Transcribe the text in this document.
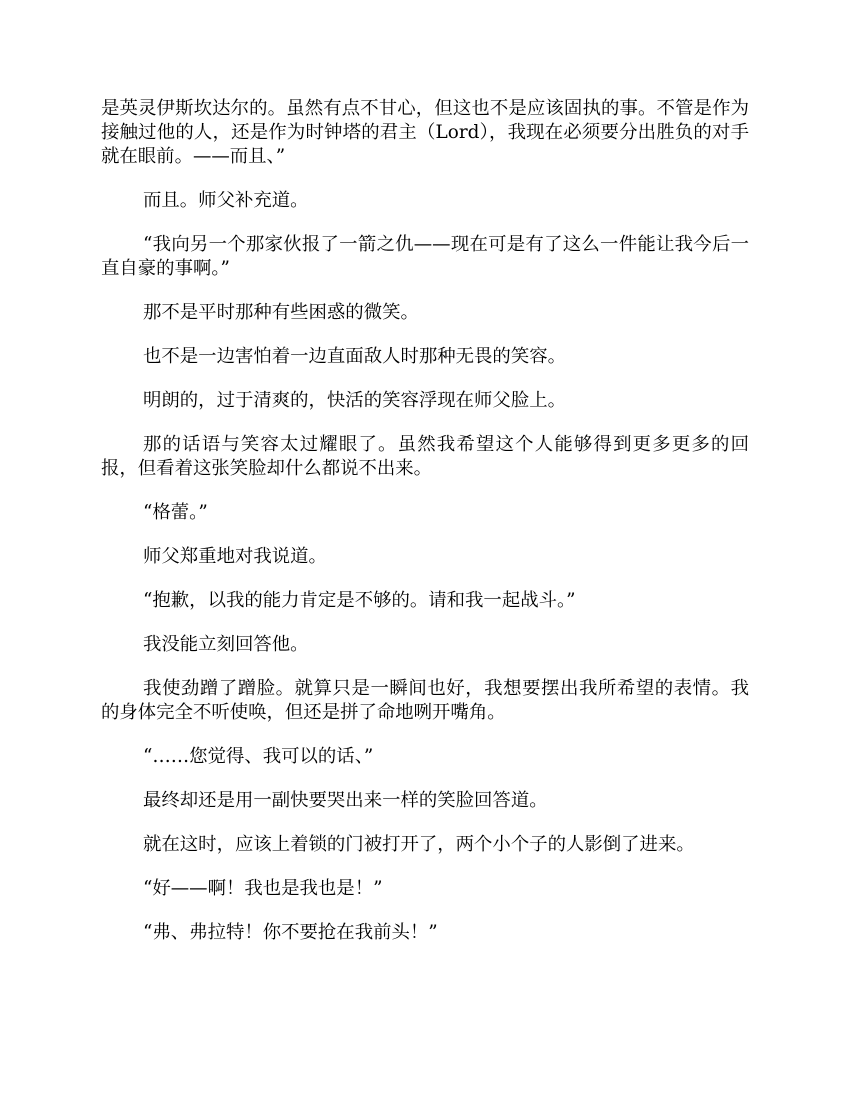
是英灵伊斯坎达尔的。虽然有点不甘心，但这也不是应该固执的事。不管是作为接触过他的人，还是作为时钟塔的君主（Lord），我现在必须要分出胜负的对手就在眼前。——而且、”

而且。师父补充道。

“我向另一个那家伙报了一箭之仇——现在可是有了这么一件能让我今后一直自豪的事啊。”

那不是平时那种有些困惑的微笑。

也不是一边害怕着一边直面敌人时那种无畏的笑容。

明朗的，过于清爽的，快活的笑容浮现在师父脸上。

那的话语与笑容太过耀眼了。虽然我希望这个人能够得到更多更多的回报，但看着这张笑脸却什么都说不出来。

“格蕾。”

师父郑重地对我说道。

“抱歉，以我的能力肯定是不够的。请和我一起战斗。”

我没能立刻回答他。

我使劲蹭了蹭脸。就算只是一瞬间也好，我想要摆出我所希望的表情。我的身体完全不听使唤，但还是拼了命地咧开嘴角。

“……您觉得、我可以的话、”

最终却还是用一副快要哭出来一样的笑脸回答道。

就在这时，应该上着锁的门被打开了，两个小个子的人影倒了进来。

“好——啊！我也是我也是！”

“弗、弗拉特！你不要抢在我前头！”
